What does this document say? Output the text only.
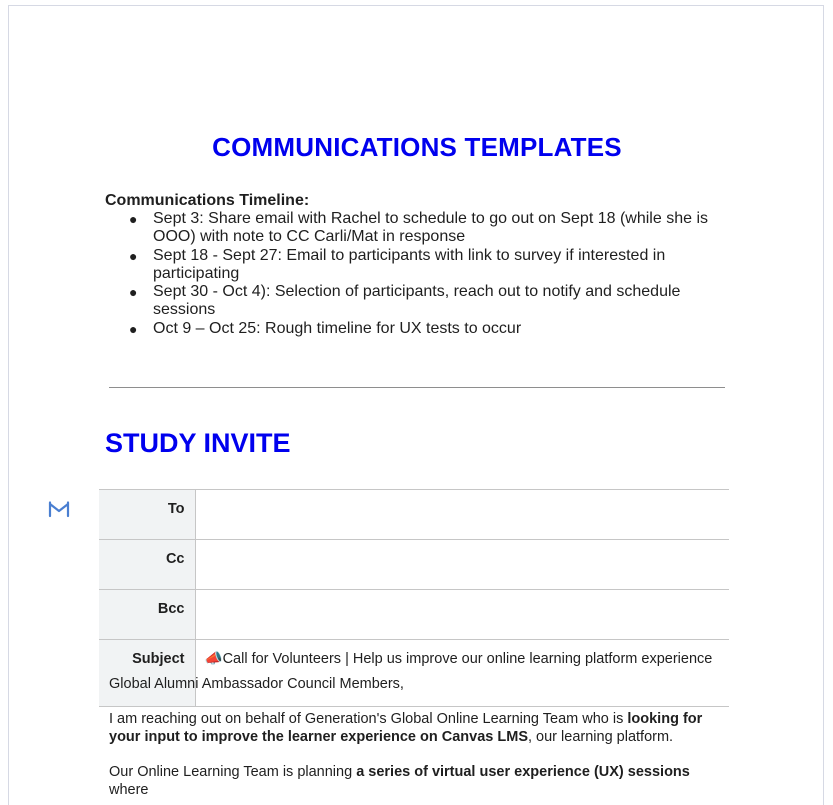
COMMUNICATIONS TEMPLATES

Communications Timeline:

● Sept 3: Share email with Rachel to schedule to go out on Sept 18 (while she is OOO) with note to CC Carli/Mat in response
● Sept 18 - Sept 27: Email to participants with link to survey if interested in participating
● Sept 30 - Oct 4): Selection of participants, reach out to notify and schedule sessions
● Oct 9 – Oct 25: Rough timeline for UX tests to occur
STUDY INVITE
To	
Cc	
Bcc	
Subject	📣Call for Volunteers | Help us improve our online learning platform experience

Global Alumni Ambassador Council Members,

I am reaching out on behalf of Generation's Global Online Learning Team who is looking for your input to improve the learner experience on Canvas LMS, our learning platform.

Our Online Learning Team is planning a series of virtual user experience (UX) sessions where
